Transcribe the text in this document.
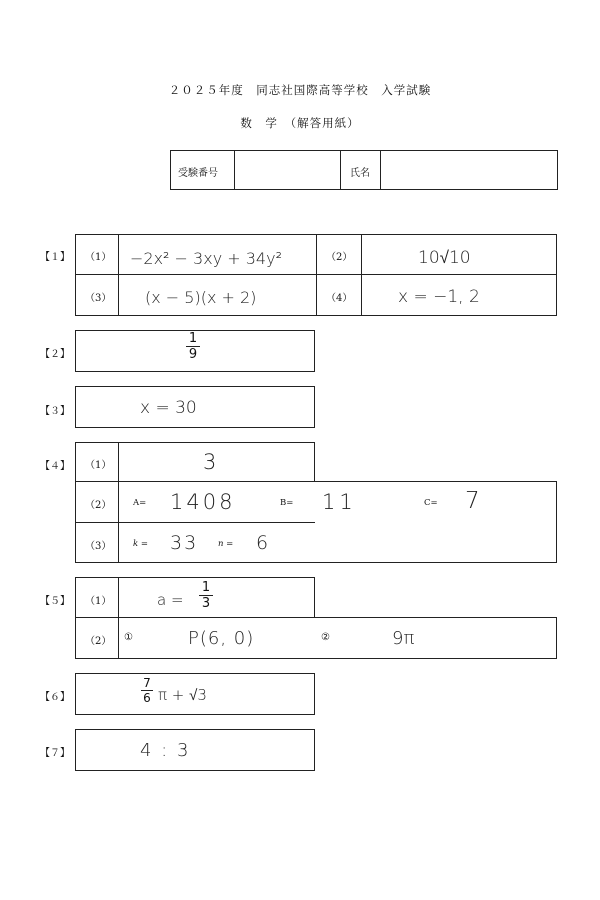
２０２５年度　同志社国際高等学校　入学試験
数　学　（解答用紙）
受験番号	氏名
【１】 （1） −2x² − 3xy + 34y²	（2）	10√10
（3） (x − 5)(x + 2)	（4）	x = −1, 2
【２】
1
9
【３】	x = 30
【４】 （1）	3
（2）	A= 1408	B= 11	C= 7
（3）	k = 33 n = 6
【５】 （1）	a =
1
3
（2） ①	P(6, 0)	②	9π
【６】
7
6 π + √3
【７】	4 : 3
